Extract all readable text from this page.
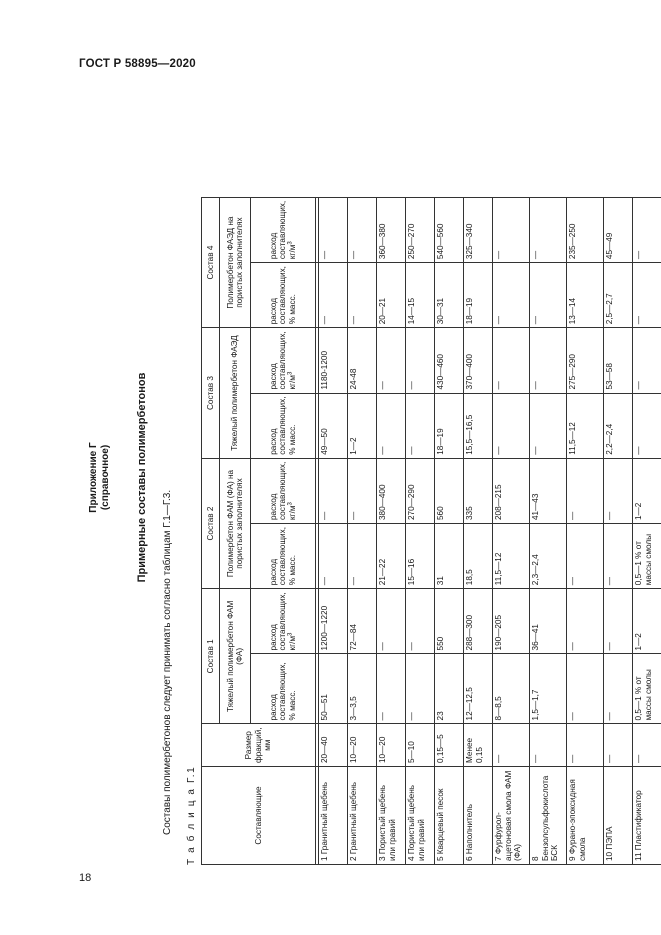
ГОСТ Р 58895—2020
18
Приложение Г (справочное) Примерные составы полимербетонов
Составы полимербетонов следует принимать согласно таблицам Г.1—Г.3. Т а б л и ц а Г.1	Составляющие	Размер фракций, мм	Состав 1		Состав 2		Состав 3		Состав 4	
		Тяжелый полимербетон ФАМ (ФА)		Полимербетон ФАМ (ФА) на пористых заполнителях		Тяжелый полимербетон ФАЭД		Полимербетон ФАЭД на пористых заполнителях	
		расход составляющих, % масс.	расход составляющих, $кг/м^3$	расход составляющих, % масс.	расход составляющих, $кг/м^3$	расход составляющих, % масс.	расход составляющих, $кг/м^3$	расход составляющих, % масс.	расход составляющих, $кг/м^3$

1 Гранитный щебень	20—40	50—51	1200—1220	—	—	49—50	1180-1200	—	—
2 Гранитный щебень	10—20	3—3,5	72—84	—	—	1—2	24-48	—	—
3 Пористый щебень или гравий	10—20	—	—	21—22	380—400	—	—	20—21	360—380
4 Пористый щебень или гравий	5—10	—	—	15—16	270—290	—	—	14—15	250—270
5 Кварцевый песок	0,15—5	23	550	31	560	18—19	430—460	30—31	540—560
6 Наполнитель	Менее 0,15	12—12,5	288—300	18,5	335	15,5—16,5	370—400	18—19	325—340
7 Фурфурол-ацетоновая смола ФАМ (ФА)	—	8—8,5	190—205	11,5—12	208—215	—	—	—	—
8 Бензолсульфокислота БСК	—	1,5—1,7	36—41	2,3—2,4	41—43	—	—	—	—
9 Фурано-эпоксидная смола	—	—	—	—	—	11,5—12	275—290	13—14	235—250
10 ПЭПА	—	—	—	—	—	2,2—2,4	53—58	2,5—2,7	45—49
11 Пластификатор	—	0,5—1 % от массы смолы	1—2	0,5—1 % от массы смолы	1—2	—	—	—	—
